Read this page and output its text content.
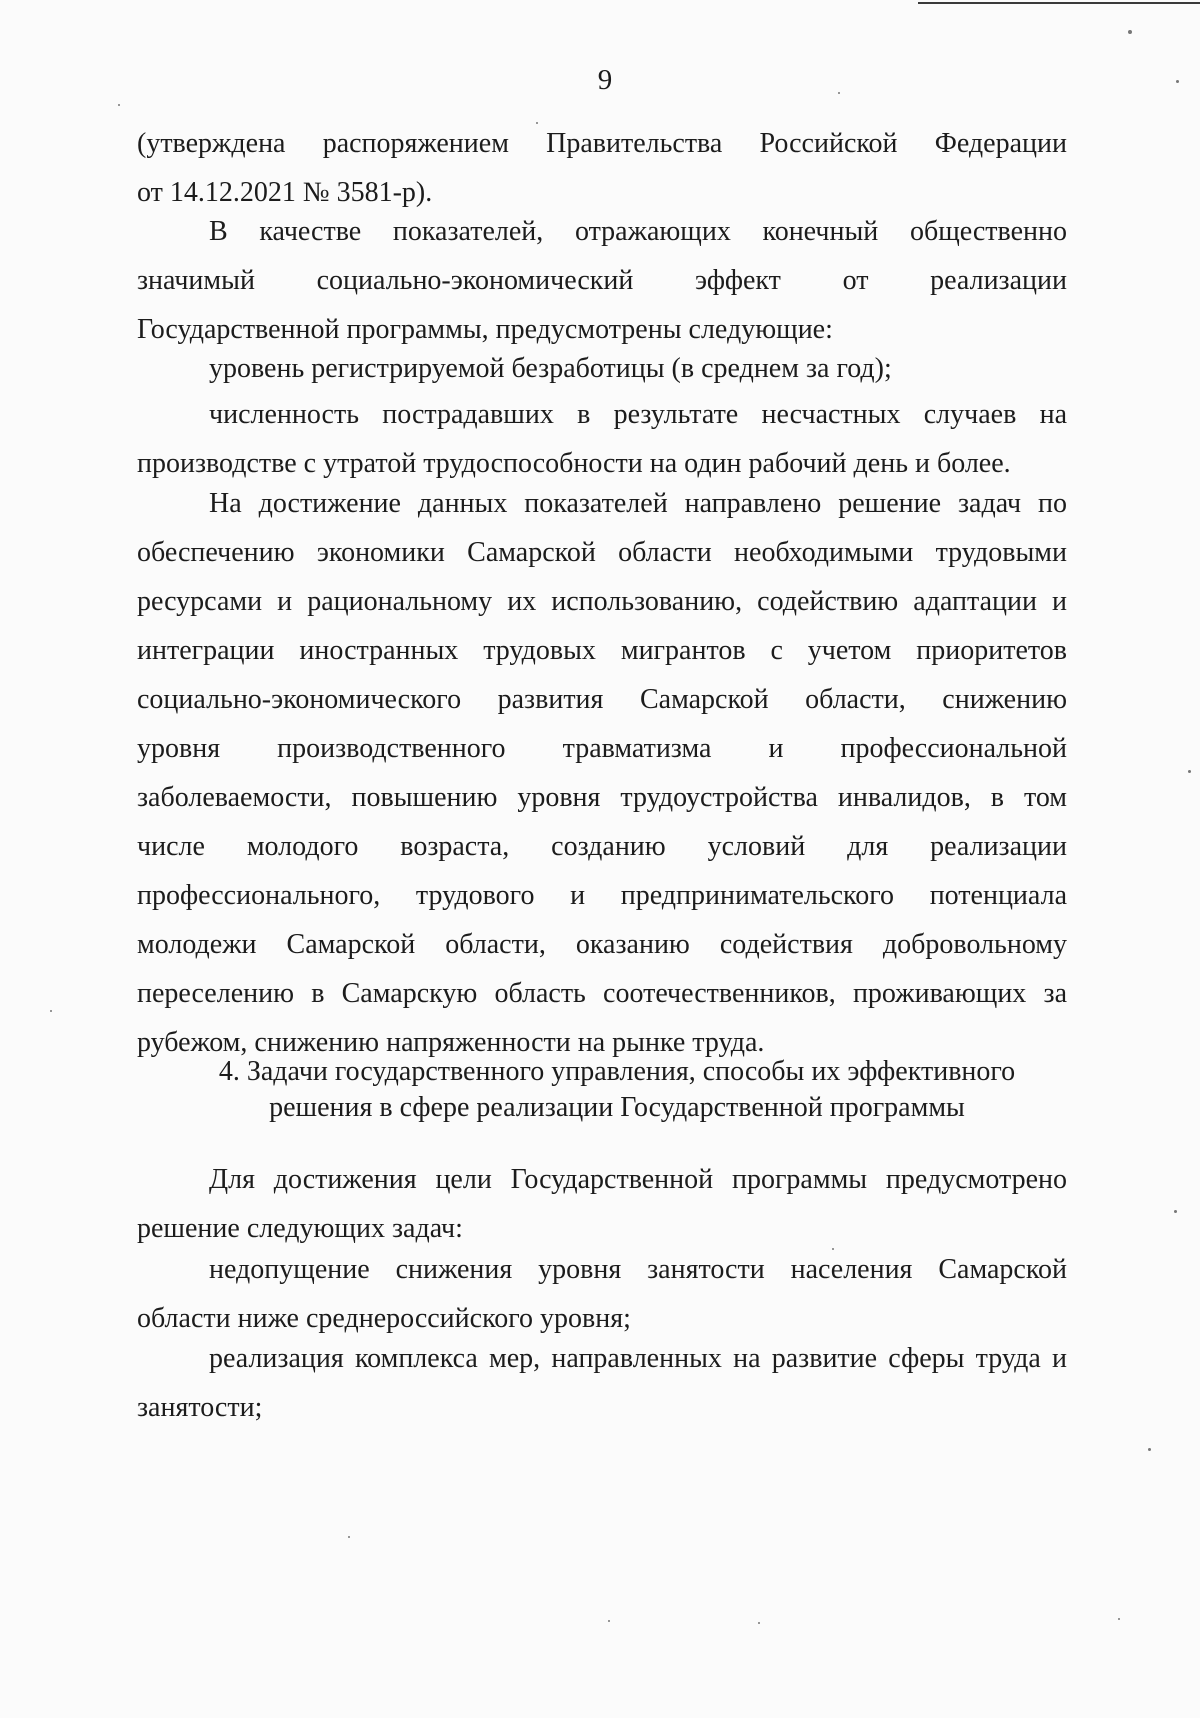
9
(утверждена распоряжением Правительства Российской Федерации
от 14.12.2021 № 3581-р).
В качестве показателей, отражающих конечный общественно
значимый социально-экономический эффект от реализации
Государственной программы, предусмотрены следующие:
уровень регистрируемой безработицы (в среднем за год);
численность пострадавших в результате несчастных случаев на
производстве с утратой трудоспособности на один рабочий день и более.
На достижение данных показателей направлено решение задач по
обеспечению экономики Самарской области необходимыми трудовыми
ресурсами и рациональному их использованию, содействию адаптации и
интеграции иностранных трудовых мигрантов с учетом приоритетов
социально-экономического развития Самарской области, снижению
уровня производственного травматизма и профессиональной
заболеваемости, повышению уровня трудоустройства инвалидов, в том
числе молодого возраста, созданию условий для реализации
профессионального, трудового и предпринимательского потенциала
молодежи Самарской области, оказанию содействия добровольному
переселению в Самарскую область соотечественников, проживающих за
рубежом, снижению напряженности на рынке труда.
4. Задачи государственного управления, способы их эффективного
решения в сфере реализации Государственной программы
Для достижения цели Государственной программы предусмотрено
решение следующих задач:
недопущение снижения уровня занятости населения Самарской
области ниже среднероссийского уровня;
реализация комплекса мер, направленных на развитие сферы труда и
занятости;
